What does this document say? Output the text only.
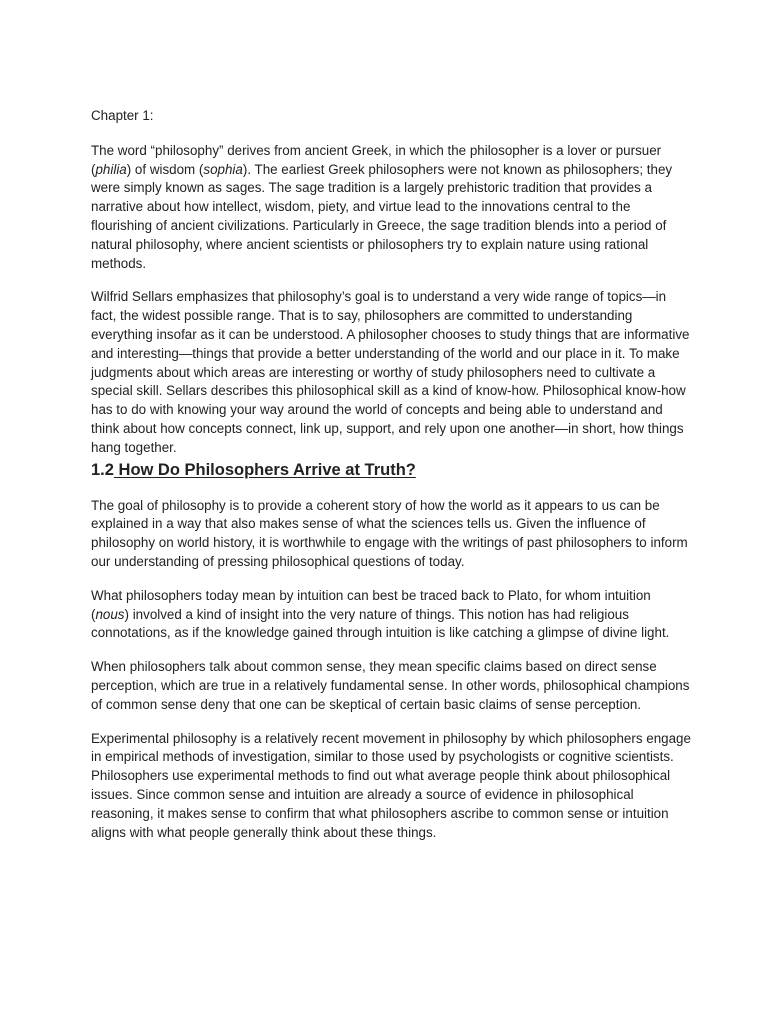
Chapter 1:

The word “philosophy” derives from ancient Greek, in which the philosopher is a lover or pursuer (philia) of wisdom (sophia). The earliest Greek philosophers were not known as philosophers; they were simply known as sages. The sage tradition is a largely prehistoric tradition that provides a narrative about how intellect, wisdom, piety, and virtue lead to the innovations central to the flourishing of ancient civilizations. Particularly in Greece, the sage tradition blends into a period of natural philosophy, where ancient scientists or philosophers try to explain nature using rational methods.

Wilfrid Sellars emphasizes that philosophy’s goal is to understand a very wide range of topics—in fact, the widest possible range. That is to say, philosophers are committed to understanding everything insofar as it can be understood. A philosopher chooses to study things that are informative and interesting—things that provide a better understanding of the world and our place in it. To make judgments about which areas are interesting or worthy of study philosophers need to cultivate a special skill. Sellars describes this philosophical skill as a kind of know-how. Philosophical know-how has to do with knowing your way around the world of concepts and being able to understand and think about how concepts connect, link up, support, and rely upon one another—in short, how things hang together.

1.2 How Do Philosophers Arrive at Truth?

The goal of philosophy is to provide a coherent story of how the world as it appears to us can be explained in a way that also makes sense of what the sciences tells us. Given the influence of philosophy on world history, it is worthwhile to engage with the writings of past philosophers to inform our understanding of pressing philosophical questions of today.

What philosophers today mean by intuition can best be traced back to Plato, for whom intuition (nous) involved a kind of insight into the very nature of things. This notion has had religious connotations, as if the knowledge gained through intuition is like catching a glimpse of divine light.

When philosophers talk about common sense, they mean specific claims based on direct sense perception, which are true in a relatively fundamental sense. In other words, philosophical champions of common sense deny that one can be skeptical of certain basic claims of sense perception.

Experimental philosophy is a relatively recent movement in philosophy by which philosophers engage in empirical methods of investigation, similar to those used by psychologists or cognitive scientists. Philosophers use experimental methods to find out what average people think about philosophical issues. Since common sense and intuition are already a source of evidence in philosophical reasoning, it makes sense to confirm that what philosophers ascribe to common sense or intuition aligns with what people generally think about these things.
